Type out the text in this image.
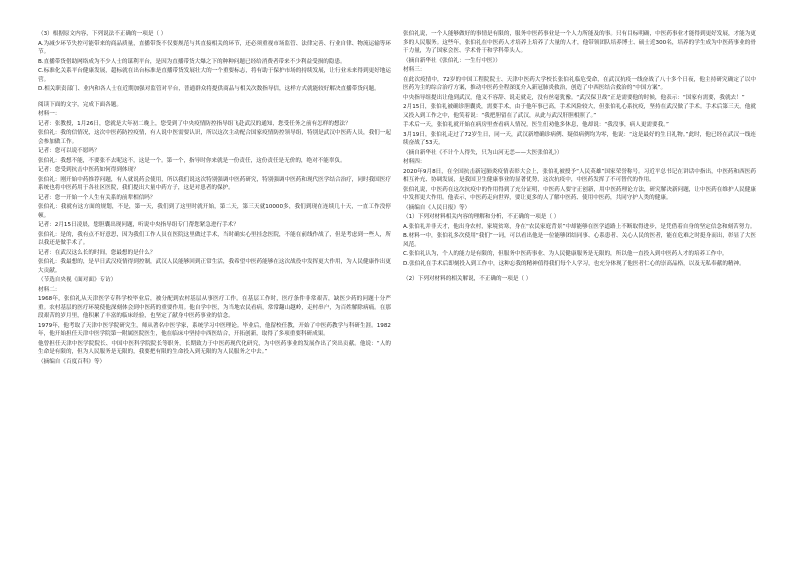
（3）根据原文内容，下列说法不正确的一项是（ ）

A.为减少环节失控可能带来的商品质量，直播带货不仅要规范与其直接相关的环节，还必须重视市场监管、法律完善、行业自律、物流运输等环节。

B.直播带货借助网络成为不少人士的谋利平台，是因为直播带货大爆之下的种种问题已经给消费者带来不少利益受损的隐患。

C.标准化关系平台健康发展，超标就在出台标准是直播带货发展壮大的一个重要标志，将有助于保护市场的持续发展，让行业未来得到更好地运营。

D.相关职责部门、业内和各人士在近期加强对监管对平台，普通群众将提供商品与相关次数指导信，这样方式就能较好解决直播带货问题。

阅读下面的文字，完成下面各题。

材料一：

记者：张教授，1月26日，您就是大年初二晚上，您受到了中央疫情防控指导组飞赴武汉的通知，您受任务之前有怎样的想法？

张伯礼：我的信情况，这次中医药防控疫情，有人说中医需要认识，所以这次主动配合国家疫情防控领导组，特别是武汉中医药人员，我们一起会参加做工作。

记者：您可以说不愿吗？

张伯礼：我想不能，不要张不去呢这不，这是一个。第一个，指导时你来就是一份责任，这份责任是无价的，绝对不能辜负。

记者：您受到抗击中医药如何得到体现？

张伯礼：刚开始中药推荐问题，有人就说药会使用，所以我们说这次特别强调中医药研究，特别强调中医药和现代医学结合治疗，同时我国医疗系统也将中医药用于各社区医院，我们提出大量中药方子，这是对患者的保护。

记者：您一开始一个人生有关系的前辈相信吗？

张伯礼：我就有这方面的规划，不是，第一天，我们到了这里时就开始，第二天，第三天就10000多，我们到现在连续几十天，一直工作没停顿。

记者：2月15日凌晨，您胆囊出现问题，听说中央指导组专门帮您紧急进行手术？

张伯礼：是的，我有点不好意思，因为我们工作人员在医院这里做过手术，当时确实心里挂念医院，不能在前线作战了，但是考虑到一些人，所以我还是做手术了。

记者：在武汉这么长的时间，您最想的是什么？

张伯礼：我最想的，是早日武汉疫情得到控制，武汉人民能够回到正常生活，我希望中医药能够在这次战役中发挥更大作用，为人民健康作出更大贡献。

（节选自央视《面对面》专访）

材料二：

1968年，张伯礼从天津医学专科学校毕业后，被分配到农村基层从事医疗工作。在基层工作时，医疗条件非常艰苦，缺医少药的问题十分严重。农村基层的医疗环境使他深刻体会到中医药的重要作用。他自学中医，为当地农民看病，常常翻山越岭，走村串户，为百姓解除病痛。在那段艰苦的岁月里，他积累了丰富的临床经验，也坚定了献身中医药事业的信念。

1979年，他考取了天津中医学院研究生，师从著名中医学家，系统学习中医理论。毕业后，他留校任教，开始了中医药教学与科研生涯。1982年，他开始担任天津中医学院第一附属医院医生，他在临床中坚持中西医结合，开拓创新，取得了多项重要科研成果。

他曾担任天津中医学院院长、中国中医科学院院长等职务，长期致力于中医药现代化研究，为中医药事业的发展作出了突出贡献。他说：“人的生命是有限的，但为人民服务是无限的，我要把有限的生命投入到无限的为人民服务之中去。”

（摘编自《百度百科》等）

张伯礼说，一个人能够做好的事情是有限的，服务中医药事业是一个人力所能及的事。只有目标明确，中医药事业才能得到更好发展，才能为更多的人民服务。这些年，张伯礼在中医药人才培养上培养了大量的人才，他带领团队培养博士、硕士近300名，培养的学生成为中医药事业的骨干力量，为了国家会医、学术骨干和学科带头人。

（摘自新华社《张伯礼：一生行中医》）

材料三：

在此次疫情中，72岁的中国工程院院士、天津中医药大学校长张伯礼临危受命，在武汉抗疫一线奋战了八十多个日夜，他主持研究确定了以中医药为主的综合治疗方案，推动中医药全程深度介入新冠肺炎救治，创造了中西医结合救治的“中国方案”。

中央指导组提出让他到武汉，他义不容辞、说走就走，没有丝毫犹豫。“武汉保卫战”正是需要他的时候，他表示：“国家有需要，我就去！”

2月15日，张伯礼被确诊胆囊炎，需要手术，由于他年事已高，手术风险较大，但张伯礼心系抗疫，坚持在武汉做了手术。手术后第三天，他就又投入到工作之中，他笑着说：“我把胆留在了武汉，从此与武汉肝胆相照了。”

手术后一天，张伯礼就开始在病房里查看病人情况，医生们劝他多休息，他却说：“我没事，病人更需要我。”

3月19日，张伯礼走过了72岁生日，同一天，武汉新增确诊病例、疑似病例均为零，他说：“这是最好的生日礼物。”此时，他已经在武汉一线连续奋战了53天。

（摘自新华社《不计个人得失，只为山河无恙——大医张伯礼》）

材料四：

2020年9月8日，在全国抗击新冠肺炎疫情表彰大会上，张伯礼被授予“人民英雄”国家荣誉称号。习近平总书记在讲话中指出，中医药和西医药相互补充、协调发展，是我国卫生健康事业的显著优势，这次抗疫中，中医药发挥了不可替代的作用。

张伯礼说，中医药在这次抗疫中的作用得到了充分证明，中医药人要守正创新，用中医药理论方法，研究解决新问题，让中医药在维护人民健康中发挥更大作用。他表示，中医药走向世界，要让更多的人了解中医药、使用中医药，共同守护人类的健康。

（摘编自《人民日报》等）

（1）下列对材料相关内容的理解和分析，不正确的一项是（ ）

A.张伯礼并非天才，他出身农村，家境贫寒，身在“农民家庭背景”中却能够在医学道路上不断取得进步，是凭借着自身的坚定信念和刻苦努力。

B.材料一中，张伯礼多次使用“我们”一词，可以看出他是一位能够团结同事、心系患者、关心人民的医者，能在危难之时挺身而出，彰显了大医风范。

C.张伯礼认为，个人的能力是有限的，但服务中医药事业、为人民健康服务是无限的，所以他一直投入到中医药人才的培养工作中。

D.张伯礼在手术后即刻投入到工作中，这种忘我的精神值得我们每个人学习，也充分体现了他医者仁心的崇高品格，以及无私奉献的精神。

（2）下列对材料的相关解说，不正确的一项是（ ）
